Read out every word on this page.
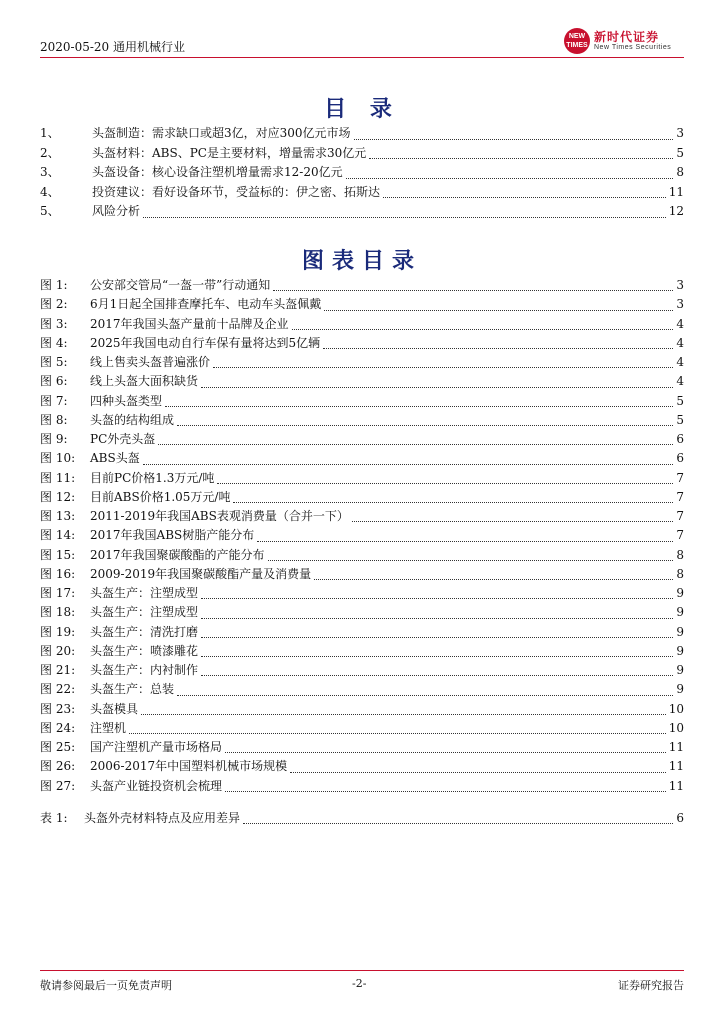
2020-05-20 通用机械行业
NEW TIMES
新时代证券
New Times Securities
目 录
1、	头盔制造：需求缺口或超3亿，对应300亿元市场	3
2、	头盔材料：ABS、PC是主要材料，增量需求30亿元	5
3、	头盔设备：核心设备注塑机增量需求12-20亿元	8
4、	投资建议：看好设备环节，受益标的：伊之密、拓斯达	11
5、	风险分析	12
图表目录
图 1:	公安部交管局“一盔一带”行动通知	3
图 2:	6月1日起全国排查摩托车、电动车头盔佩戴	3
图 3:	2017年我国头盔产量前十品牌及企业	4
图 4:	2025年我国电动自行车保有量将达到5亿辆	4
图 5:	线上售卖头盔普遍涨价	4
图 6:	线上头盔大面积缺货	4
图 7:	四种头盔类型	5
图 8:	头盔的结构组成	5
图 9:	PC外壳头盔	6
图 10:	ABS头盔	6
图 11:	目前PC价格1.3万元/吨	7
图 12:	目前ABS价格1.05万元/吨	7
图 13:	2011-2019年我国ABS表观消费量（合并一下）	7
图 14:	2017年我国ABS树脂产能分布	7
图 15:	2017年我国聚碳酸酯的产能分布	8
图 16:	2009-2019年我国聚碳酸酯产量及消费量	8
图 17:	头盔生产：注塑成型	9
图 18:	头盔生产：注塑成型	9
图 19:	头盔生产：清洗打磨	9
图 20:	头盔生产：喷漆雕花	9
图 21:	头盔生产：内衬制作	9
图 22:	头盔生产：总装	9
图 23:	头盔模具	10
图 24:	注塑机	10
图 25:	国产注塑机产量市场格局	11
图 26:	2006-2017年中国塑料机械市场规模	11
图 27:	头盔产业链投资机会梳理	11
表 1:	头盔外壳材料特点及应用差异	6
敬请参阅最后一页免责声明	-2-	证券研究报告
